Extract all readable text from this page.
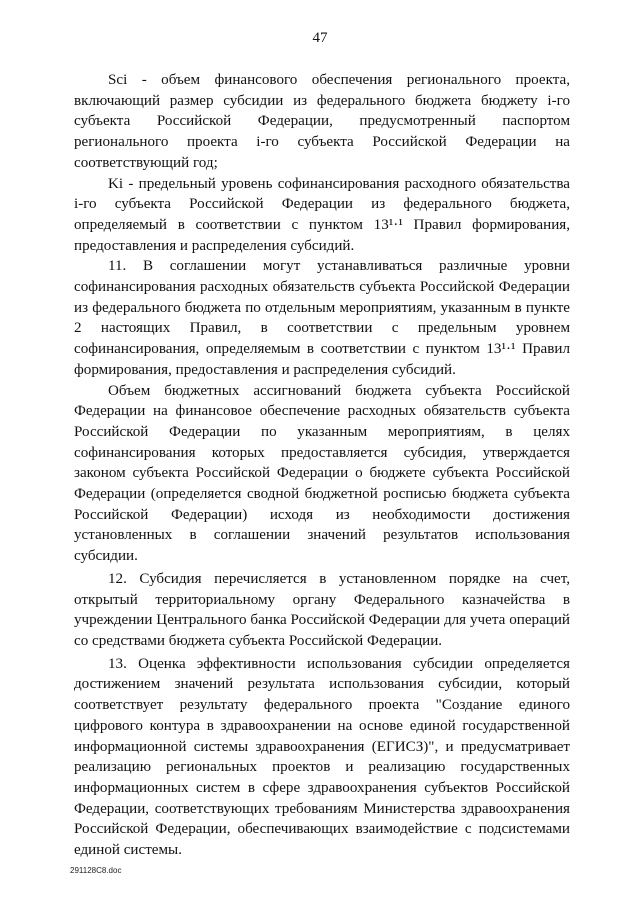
47

Sci - объем финансового обеспечения регионального проекта, включающий размер субсидии из федерального бюджета бюджету i-го субъекта Российской Федерации, предусмотренный паспортом регионального проекта i-го субъекта Российской Федерации на соответствующий год;

Ki - предельный уровень софинансирования расходного обязательства i-го субъекта Российской Федерации из федерального бюджета, определяемый в соответствии с пунктом 13¹·¹ Правил формирования, предоставления и распределения субсидий.

11. В соглашении могут устанавливаться различные уровни софинансирования расходных обязательств субъекта Российской Федерации из федерального бюджета по отдельным мероприятиям, указанным в пункте 2 настоящих Правил, в соответствии с предельным уровнем софинансирования, определяемым в соответствии с пунктом 13¹·¹ Правил формирования, предоставления и распределения субсидий.

Объем бюджетных ассигнований бюджета субъекта Российской Федерации на финансовое обеспечение расходных обязательств субъекта Российской Федерации по указанным мероприятиям, в целях софинансирования которых предоставляется субсидия, утверждается законом субъекта Российской Федерации о бюджете субъекта Российской Федерации (определяется сводной бюджетной росписью бюджета субъекта Российской Федерации) исходя из необходимости достижения установленных в соглашении значений результатов использования субсидии.

12. Субсидия перечисляется в установленном порядке на счет, открытый территориальному органу Федерального казначейства в учреждении Центрального банка Российской Федерации для учета операций со средствами бюджета субъекта Российской Федерации.

13. Оценка эффективности использования субсидии определяется достижением значений результата использования субсидии, который соответствует результату федерального проекта "Создание единого цифрового контура в здравоохранении на основе единой государственной информационной системы здравоохранения (ЕГИСЗ)", и предусматривает реализацию региональных проектов и реализацию государственных информационных систем в сфере здравоохранения субъектов Российской Федерации, соответствующих требованиям Министерства здравоохранения Российской Федерации, обеспечивающих взаимодействие с подсистемами единой системы.

291128C8.doc
